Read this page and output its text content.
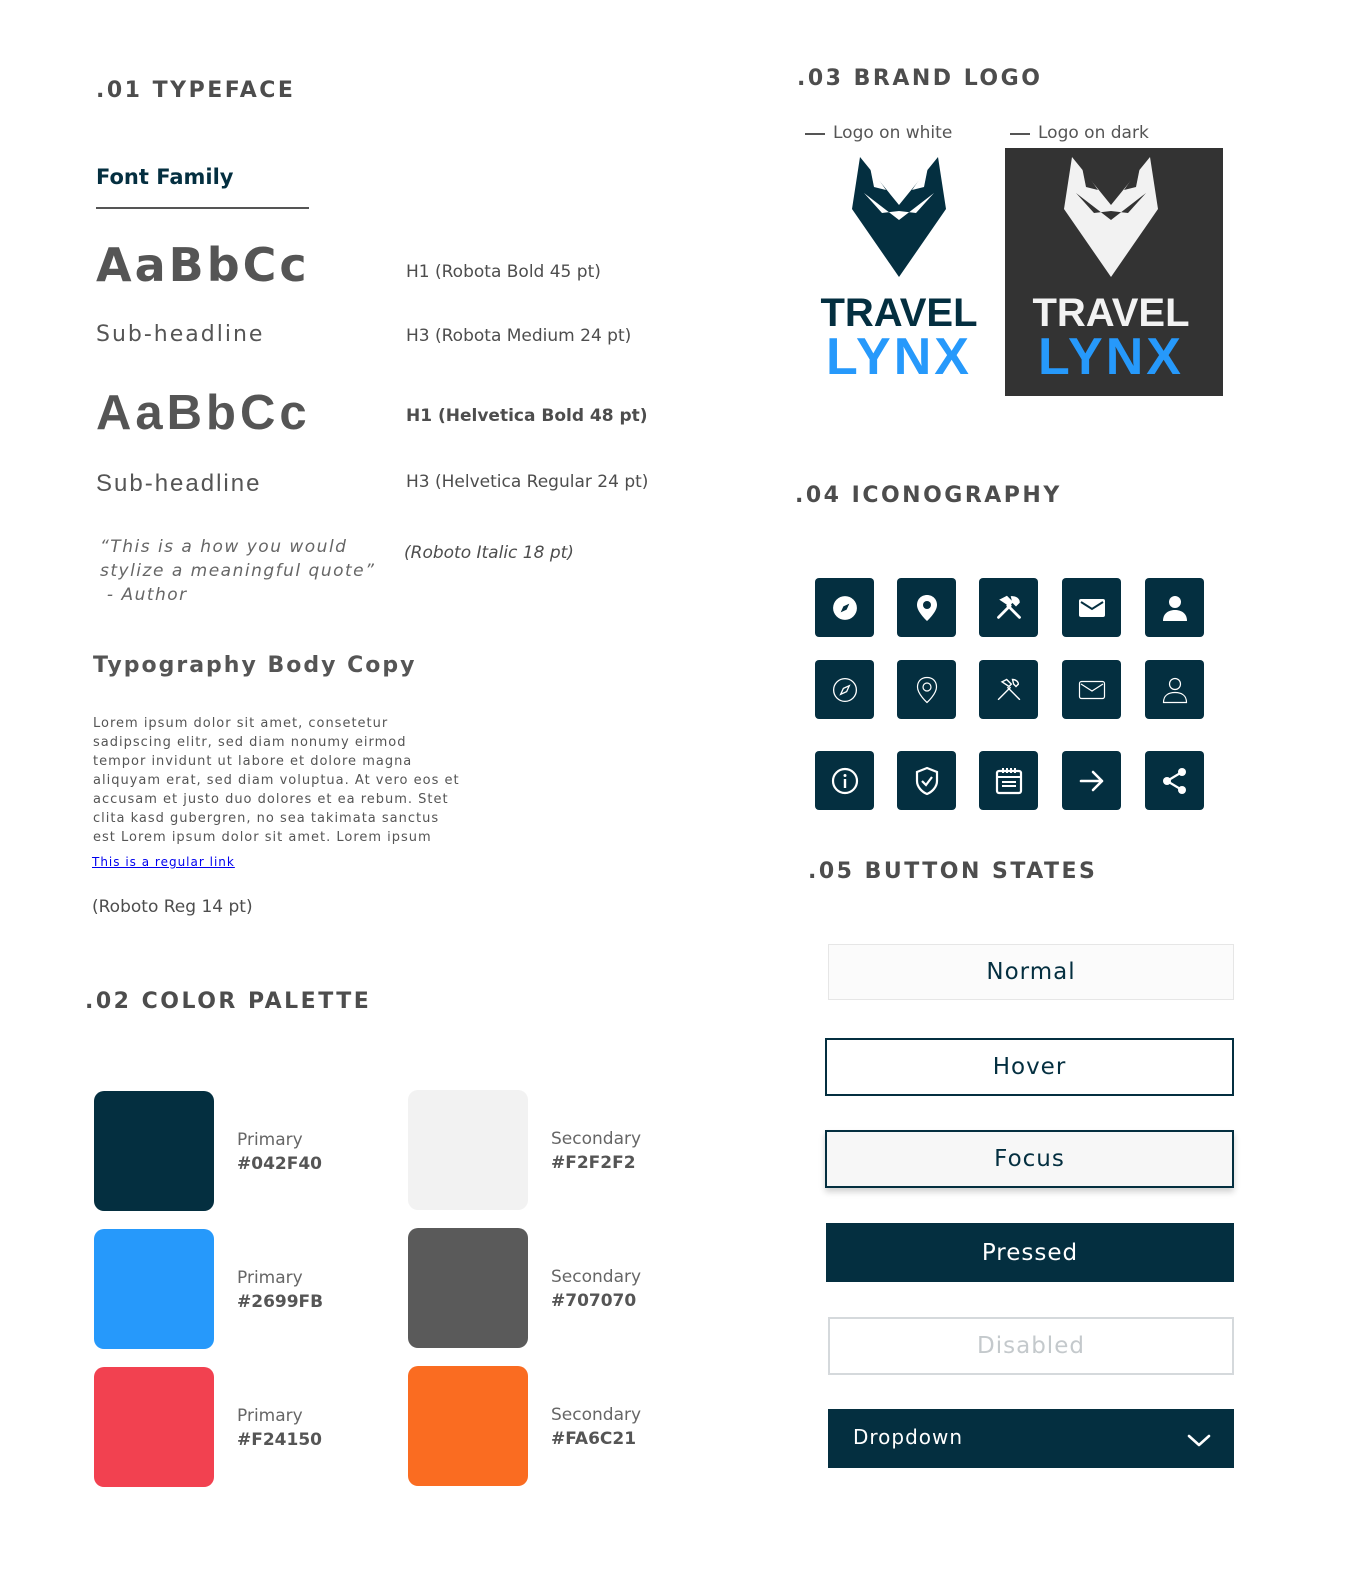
.01 TYPEFACE
Font Family
AaBbCc	H1 (Robota Bold 45 pt)
Sub-headline	H3 (Robota Medium 24 pt)
AaBbCc	H1 (Helvetica Bold 48 pt)
Sub-headline	H3 (Helvetica Regular 24 pt)
“This is a how you would
stylize a meaningful quote”
- Author
(Roboto Italic 18 pt)
Typography Body Copy
Lorem ipsum dolor sit amet, consetetur sadipscing elitr, sed diam nonumy eirmod tempor invidunt ut labore et dolore magna aliquyam erat, sed diam voluptua. At vero eos et accusam et justo duo dolores et ea rebum. Stet clita kasd gubergren, no sea takimata sanctus est Lorem ipsum dolor sit amet. Lorem ipsum
This is a regular link
(Roboto Reg 14 pt)
.02 COLOR PALETTE
Primary
#042F40
Secondary
#F2F2F2
Primary
#2699FB
Secondary
#707070
Primary
#F24150
Secondary
#FA6C21
.03 BRAND LOGO
Logo on white	Logo on dark
TRAVEL
LYNX
TRAVEL
LYNX
.04 ICONOGRAPHY
.05 BUTTON STATES
Normal
Hover
Focus
Pressed
Disabled
Dropdown
